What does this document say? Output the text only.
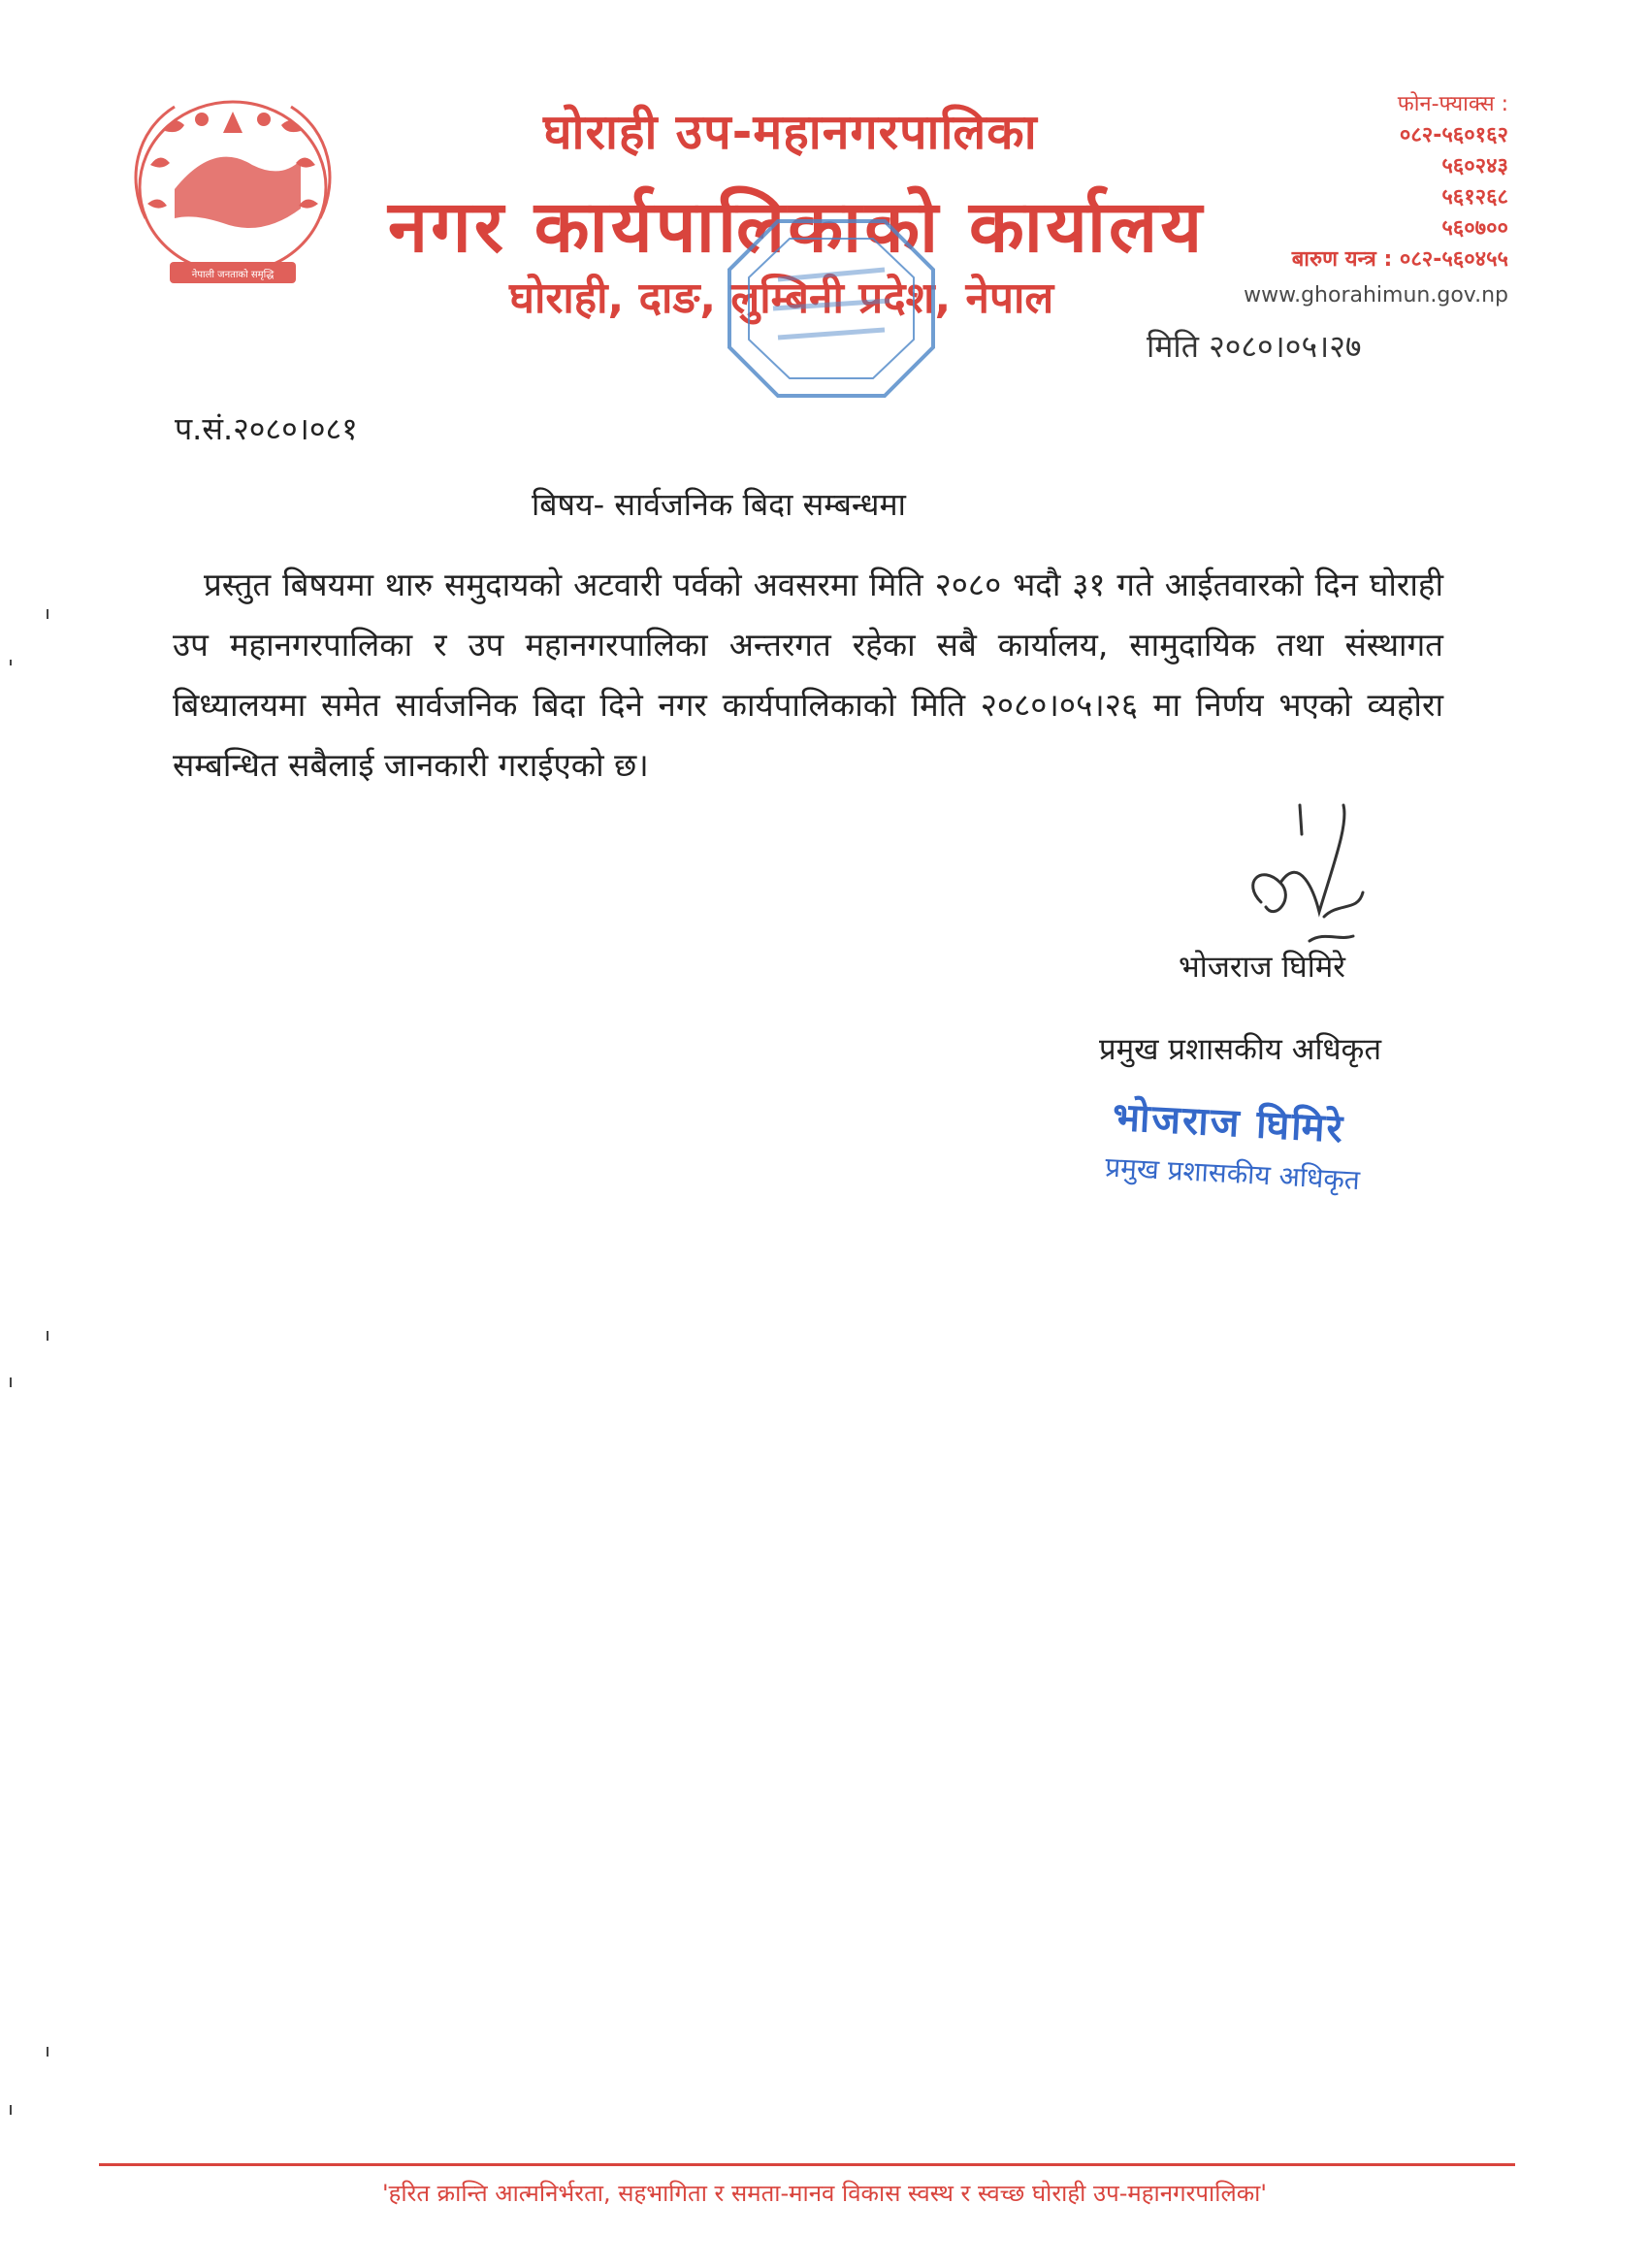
नेपाली जनताको समृद्धि
घोराही उप-महानगरपालिका
नगर कार्यपालिकाको कार्यालय
घोराही, दाङ, लुम्बिनी प्रदेश, नेपाल
फोन-फ्याक्स :
०८२-५६०१६२
५६०२४३
५६१२६८
५६०७००
बारुण यन्त्र : ०८२-५६०४५५
www.ghorahimun.gov.np
मिति २०८०।०५।२७
प.सं.२०८०।०८१
बिषय- सार्वजनिक बिदा सम्बन्धमा
प्रस्तुत बिषयमा थारु समुदायको अटवारी पर्वको अवसरमा मिति २०८० भदौ ३१ गते आईतवारको दिन घोराही उप महानगरपालिका र उप महानगरपालिका अन्तरगत रहेका सबै कार्यालय, सामुदायिक तथा संस्थागत बिध्यालयमा समेत सार्वजनिक बिदा दिने नगर कार्यपालिकाको मिति २०८०।०५।२६ मा निर्णय भएको व्यहोरा सम्बन्धित सबैलाई जानकारी गराईएको छ।
भोजराज घिमिरे
प्रमुख प्रशासकीय अधिकृत
भोजराज घिमिरे
प्रमुख प्रशासकीय अधिकृत
'हरित क्रान्ति आत्मनिर्भरता, सहभागिता र समता-मानव विकास स्वस्थ र स्वच्छ घोराही उप-महानगरपालिका'
